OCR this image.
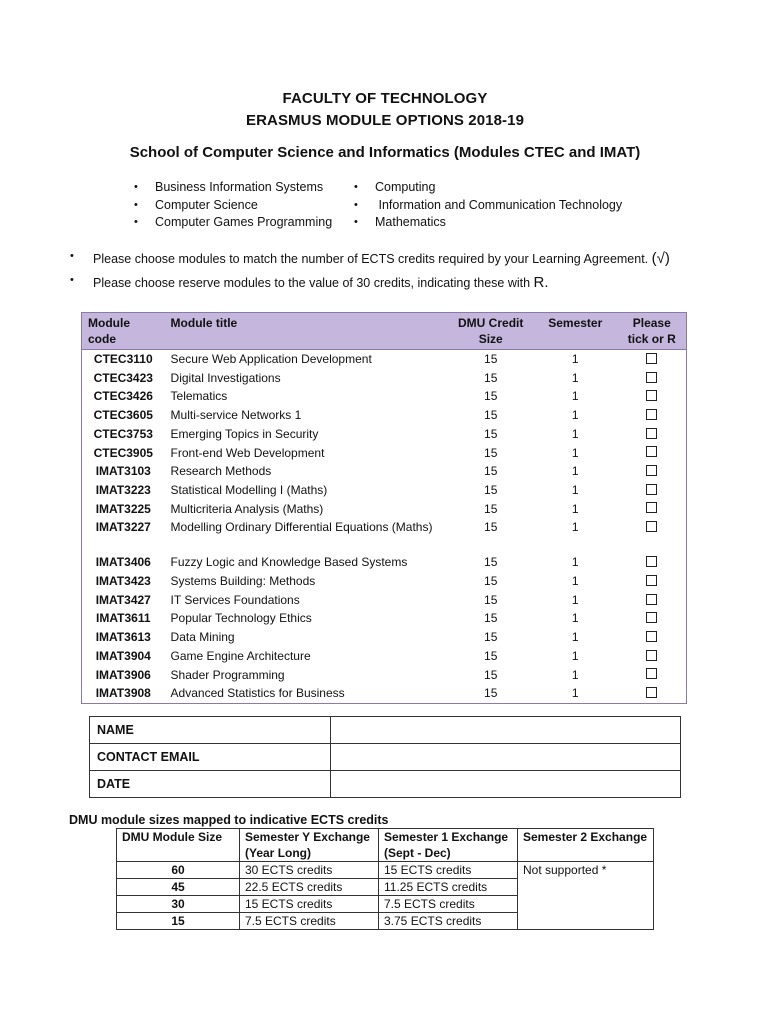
FACULTY OF TECHNOLOGY
ERASMUS MODULE OPTIONS 2018-19
School of Computer Science and Informatics (Modules CTEC and IMAT)
• Business Information Systems
• Computer Science
• Computer Games Programming
• Computing
• Information and Communication Technology
• Mathematics
• Please choose modules to match the number of ECTS credits required by your Learning Agreement. (√)
• Please choose reserve modules to the value of 30 credits, indicating these with R.
Module code	Module title	DMU Credit Size	Semester	Please tick or R
CTEC3110	Secure Web Application Development	15	1	
CTEC3423	Digital Investigations	15	1	
CTEC3426	Telematics	15	1	
CTEC3605	Multi-service Networks 1	15	1	
CTEC3753	Emerging Topics in Security	15	1	
CTEC3905	Front-end Web Development	15	1	
IMAT3103	Research Methods	15	1	
IMAT3223	Statistical Modelling I (Maths)	15	1	
IMAT3225	Multicriteria Analysis (Maths)	15	1	
IMAT3227	Modelling Ordinary Differential Equations (Maths)	15	1	
IMAT3406	Fuzzy Logic and Knowledge Based Systems	15	1	
IMAT3423	Systems Building: Methods	15	1	
IMAT3427	IT Services Foundations	15	1	
IMAT3611	Popular Technology Ethics	15	1	
IMAT3613	Data Mining	15	1	
IMAT3904	Game Engine Architecture	15	1	
IMAT3906	Shader Programming	15	1	
IMAT3908	Advanced Statistics for Business	15	1	
NAME	
CONTACT EMAIL	
DATE	
DMU module sizes mapped to indicative ECTS credits
DMU Module Size	Semester Y Exchange (Year Long)	Semester 1 Exchange (Sept - Dec)	Semester 2 Exchange
60	30 ECTS credits	15 ECTS credits	Not supported *
45	22.5 ECTS credits	11.25 ECTS credits	
30	15 ECTS credits	7.5 ECTS credits	
15	7.5 ECTS credits	3.75 ECTS credits	
